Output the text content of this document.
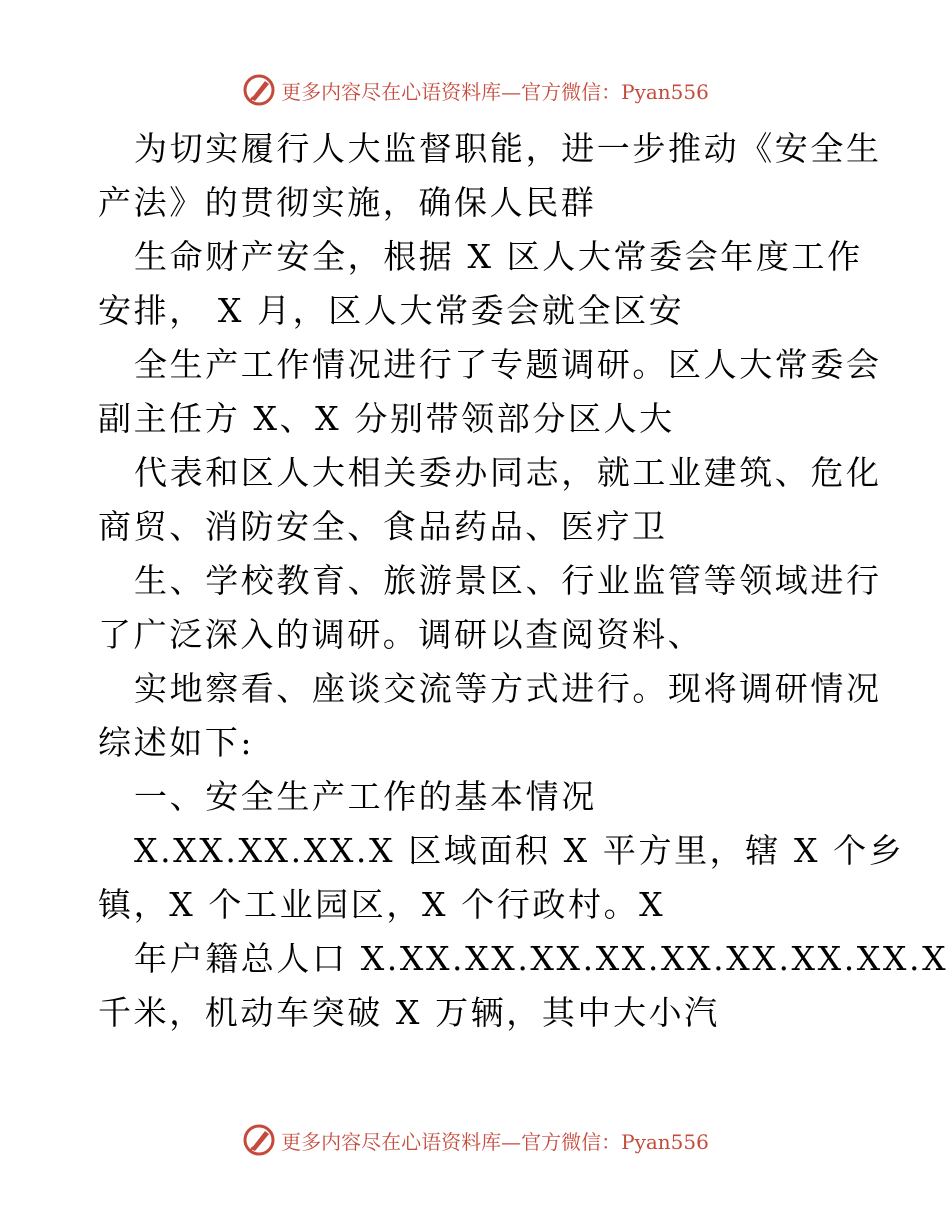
更多内容尽在心语资料库—官方微信：Pyan556

为切实履行人大监督职能，进一步推动《安全生
产法》的贯彻实施，确保人民群

生命财产安全，根据 X 区人大常委会年度工作
安排， X 月，区人大常委会就全区安

全生产工作情况进行了专题调研。区人大常委会
副主任方 X、X 分别带领部分区人大

代表和区人大相关委办同志，就工业建筑、危化
商贸、消防安全、食品药品、医疗卫

生、学校教育、旅游景区、行业监管等领域进行
了广泛深入的调研。调研以查阅资料、

实地察看、座谈交流等方式进行。现将调研情况
综述如下:

一、安全生产工作的基本情况

X.XX.XX.XX.X 区域面积 X 平方里，辖 X 个乡
镇，X 个工业园区，X 个行政村。X

年户籍总人口 X.XX.XX.XX.XX.XX.XX.XX.XX.X
千米，机动车突破 X 万辆，其中大小汽

更多内容尽在心语资料库—官方微信：Pyan556
